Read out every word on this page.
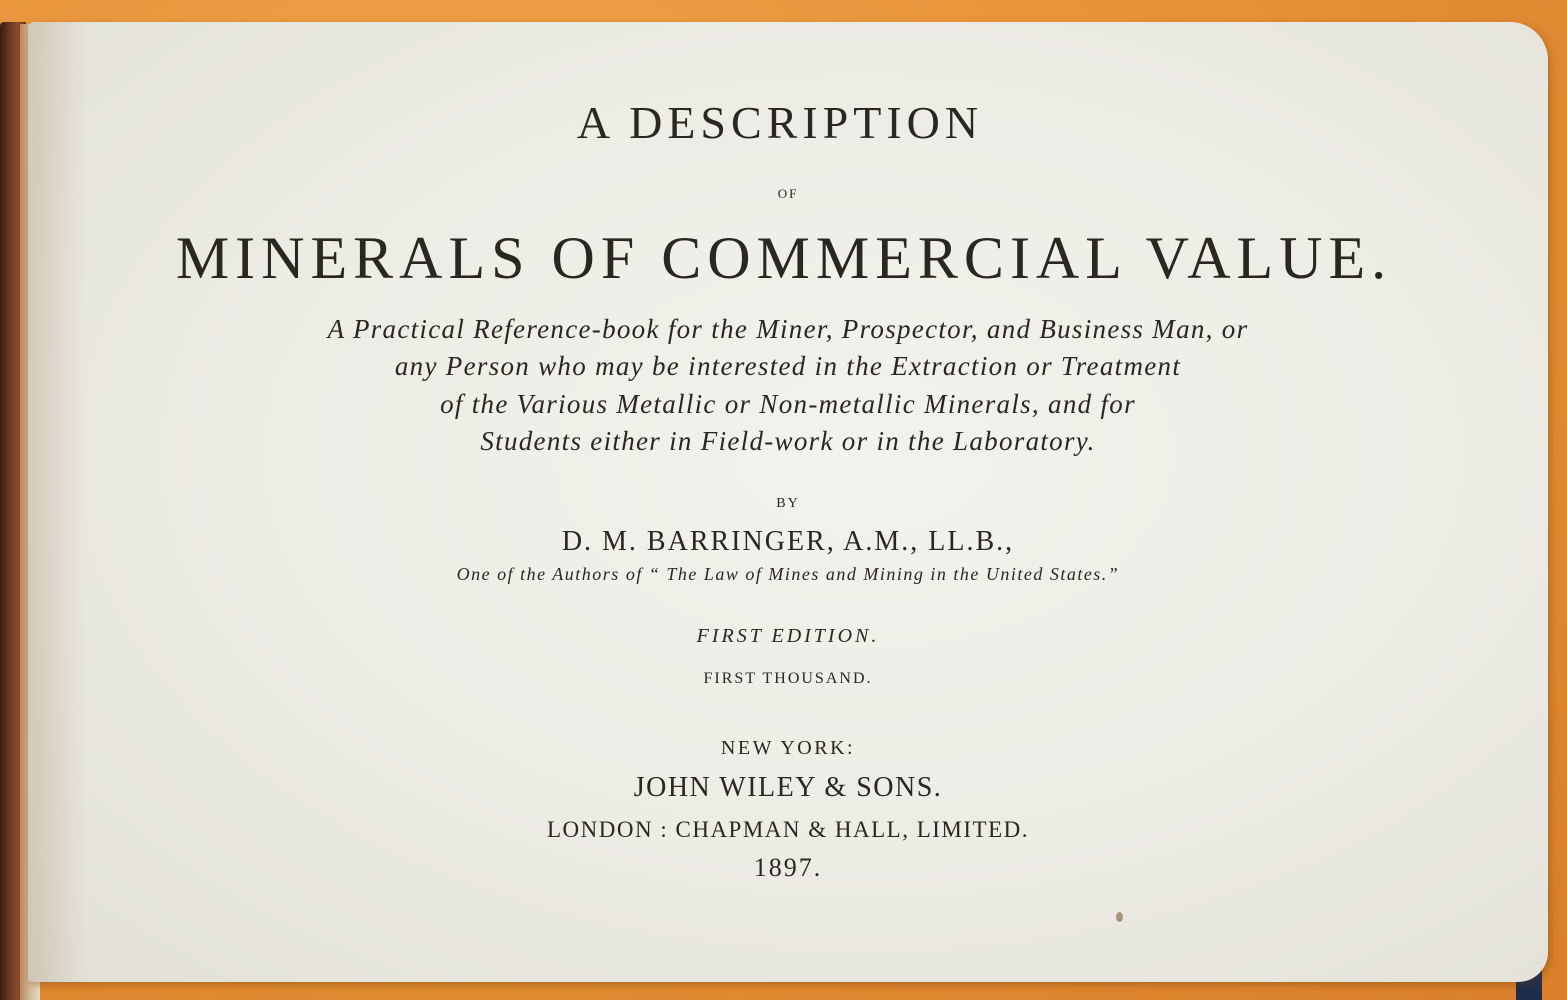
A DESCRIPTION

OF

MINERALS OF COMMERCIAL VALUE.

A Practical Reference-book for the Miner, Prospector, and Business Man, or

any Person who may be interested in the Extraction or Treatment

of the Various Metallic or Non-metallic Minerals, and for

Students either in Field-work or in the Laboratory.

BY

D. M. BARRINGER, A.M., LL.B.,

One of the Authors of “ The Law of Mines and Mining in the United States.”

FIRST EDITION.

FIRST THOUSAND.

NEW YORK:

JOHN WILEY & SONS.

LONDON : CHAPMAN & HALL, LIMITED.

1897.
